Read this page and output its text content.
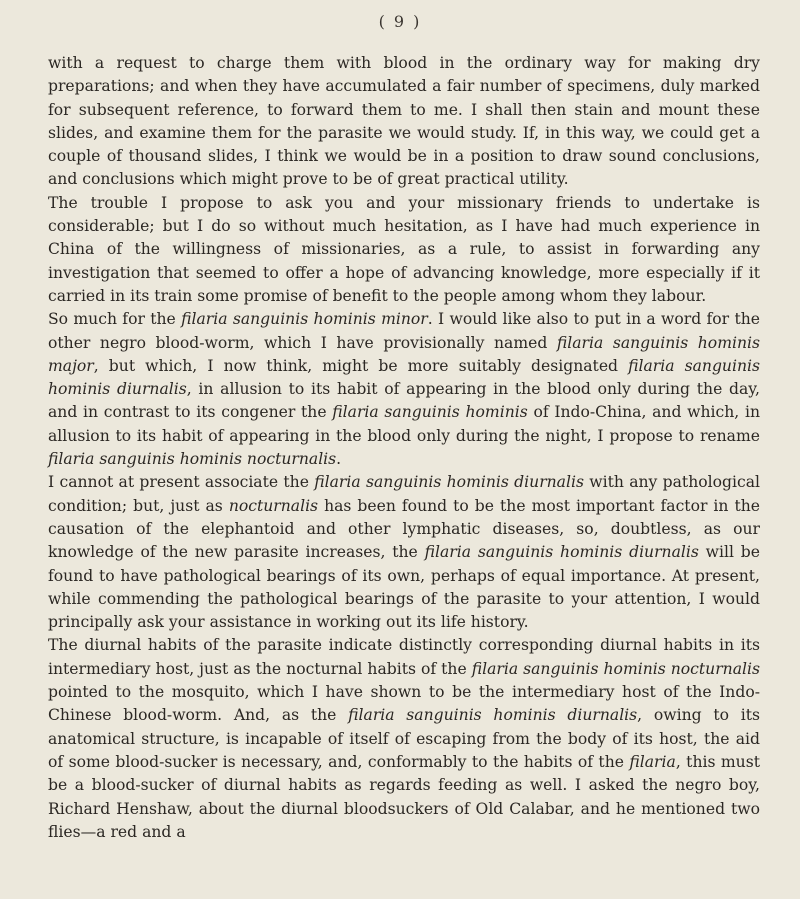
( 9 )

with a request to charge them with blood in the ordinary way for making dry preparations; and when they have accumulated a fair number of specimens, duly marked for subsequent reference, to forward them to me. I shall then stain and mount these slides, and examine them for the parasite we would study. If, in this way, we could get a couple of thousand slides, I think we would be in a position to draw sound conclusions, and conclusions which might prove to be of great practical utility.

The trouble I propose to ask you and your missionary friends to undertake is considerable; but I do so without much hesitation, as I have had much experience in China of the willingness of missionaries, as a rule, to assist in forwarding any investigation that seemed to offer a hope of advancing knowledge, more especially if it carried in its train some promise of benefit to the people among whom they labour.

So much for the filaria sanguinis hominis minor. I would like also to put in a word for the other negro blood-worm, which I have provisionally named filaria sanguinis hominis major, but which, I now think, might be more suitably designated filaria sanguinis hominis diurnalis, in allusion to its habit of appearing in the blood only during the day, and in contrast to its congener the filaria sanguinis hominis of Indo-China, and which, in allusion to its habit of appearing in the blood only during the night, I propose to rename filaria sanguinis hominis nocturnalis.

I cannot at present associate the filaria sanguinis hominis diurnalis with any pathological condition; but, just as nocturnalis has been found to be the most important factor in the causation of the elephantoid and other lymphatic diseases, so, doubtless, as our knowledge of the new parasite increases, the filaria sanguinis hominis diurnalis will be found to have pathological bearings of its own, perhaps of equal importance. At present, while commending the pathological bearings of the parasite to your attention, I would principally ask your assistance in working out its life history.

The diurnal habits of the parasite indicate distinctly corresponding diurnal habits in its intermediary host, just as the nocturnal habits of the filaria sanguinis hominis nocturnalis pointed to the mosquito, which I have shown to be the intermediary host of the Indo-Chinese blood-worm. And, as the filaria sanguinis hominis diurnalis, owing to its anatomical structure, is incapable of itself of escaping from the body of its host, the aid of some blood-sucker is necessary, and, conformably to the habits of the filaria, this must be a blood-sucker of diurnal habits as regards feeding as well. I asked the negro boy, Richard Henshaw, about the diurnal bloodsuckers of Old Calabar, and he mentioned two flies—a red and a
